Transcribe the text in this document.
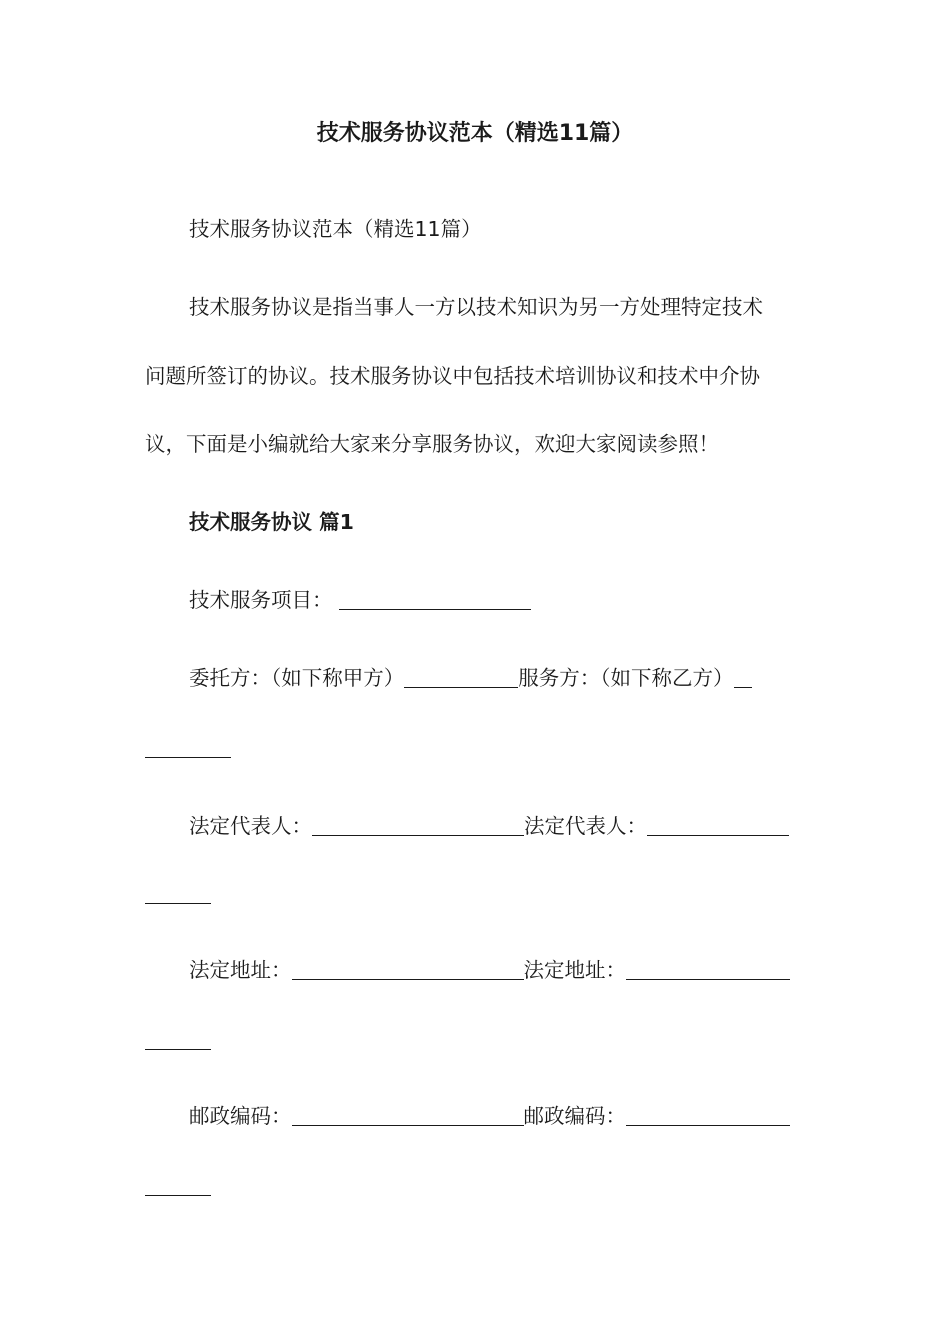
技术服务协议范本（精选11篇）
技术服务协议范本（精选11篇）
技术服务协议是指当事人一方以技术知识为另一方处理特定技术
问题所签订的协议。技术服务协议中包括技术培训协议和技术中介协
议，下面是小编就给大家来分享服务协议，欢迎大家阅读参照！
技术服务协议 篇1
技术服务项目：
委托方：（如下称甲方）	服务方：（如下称乙方）
法定代表人：	法定代表人：
法定地址：	法定地址：
邮政编码：	邮政编码：
